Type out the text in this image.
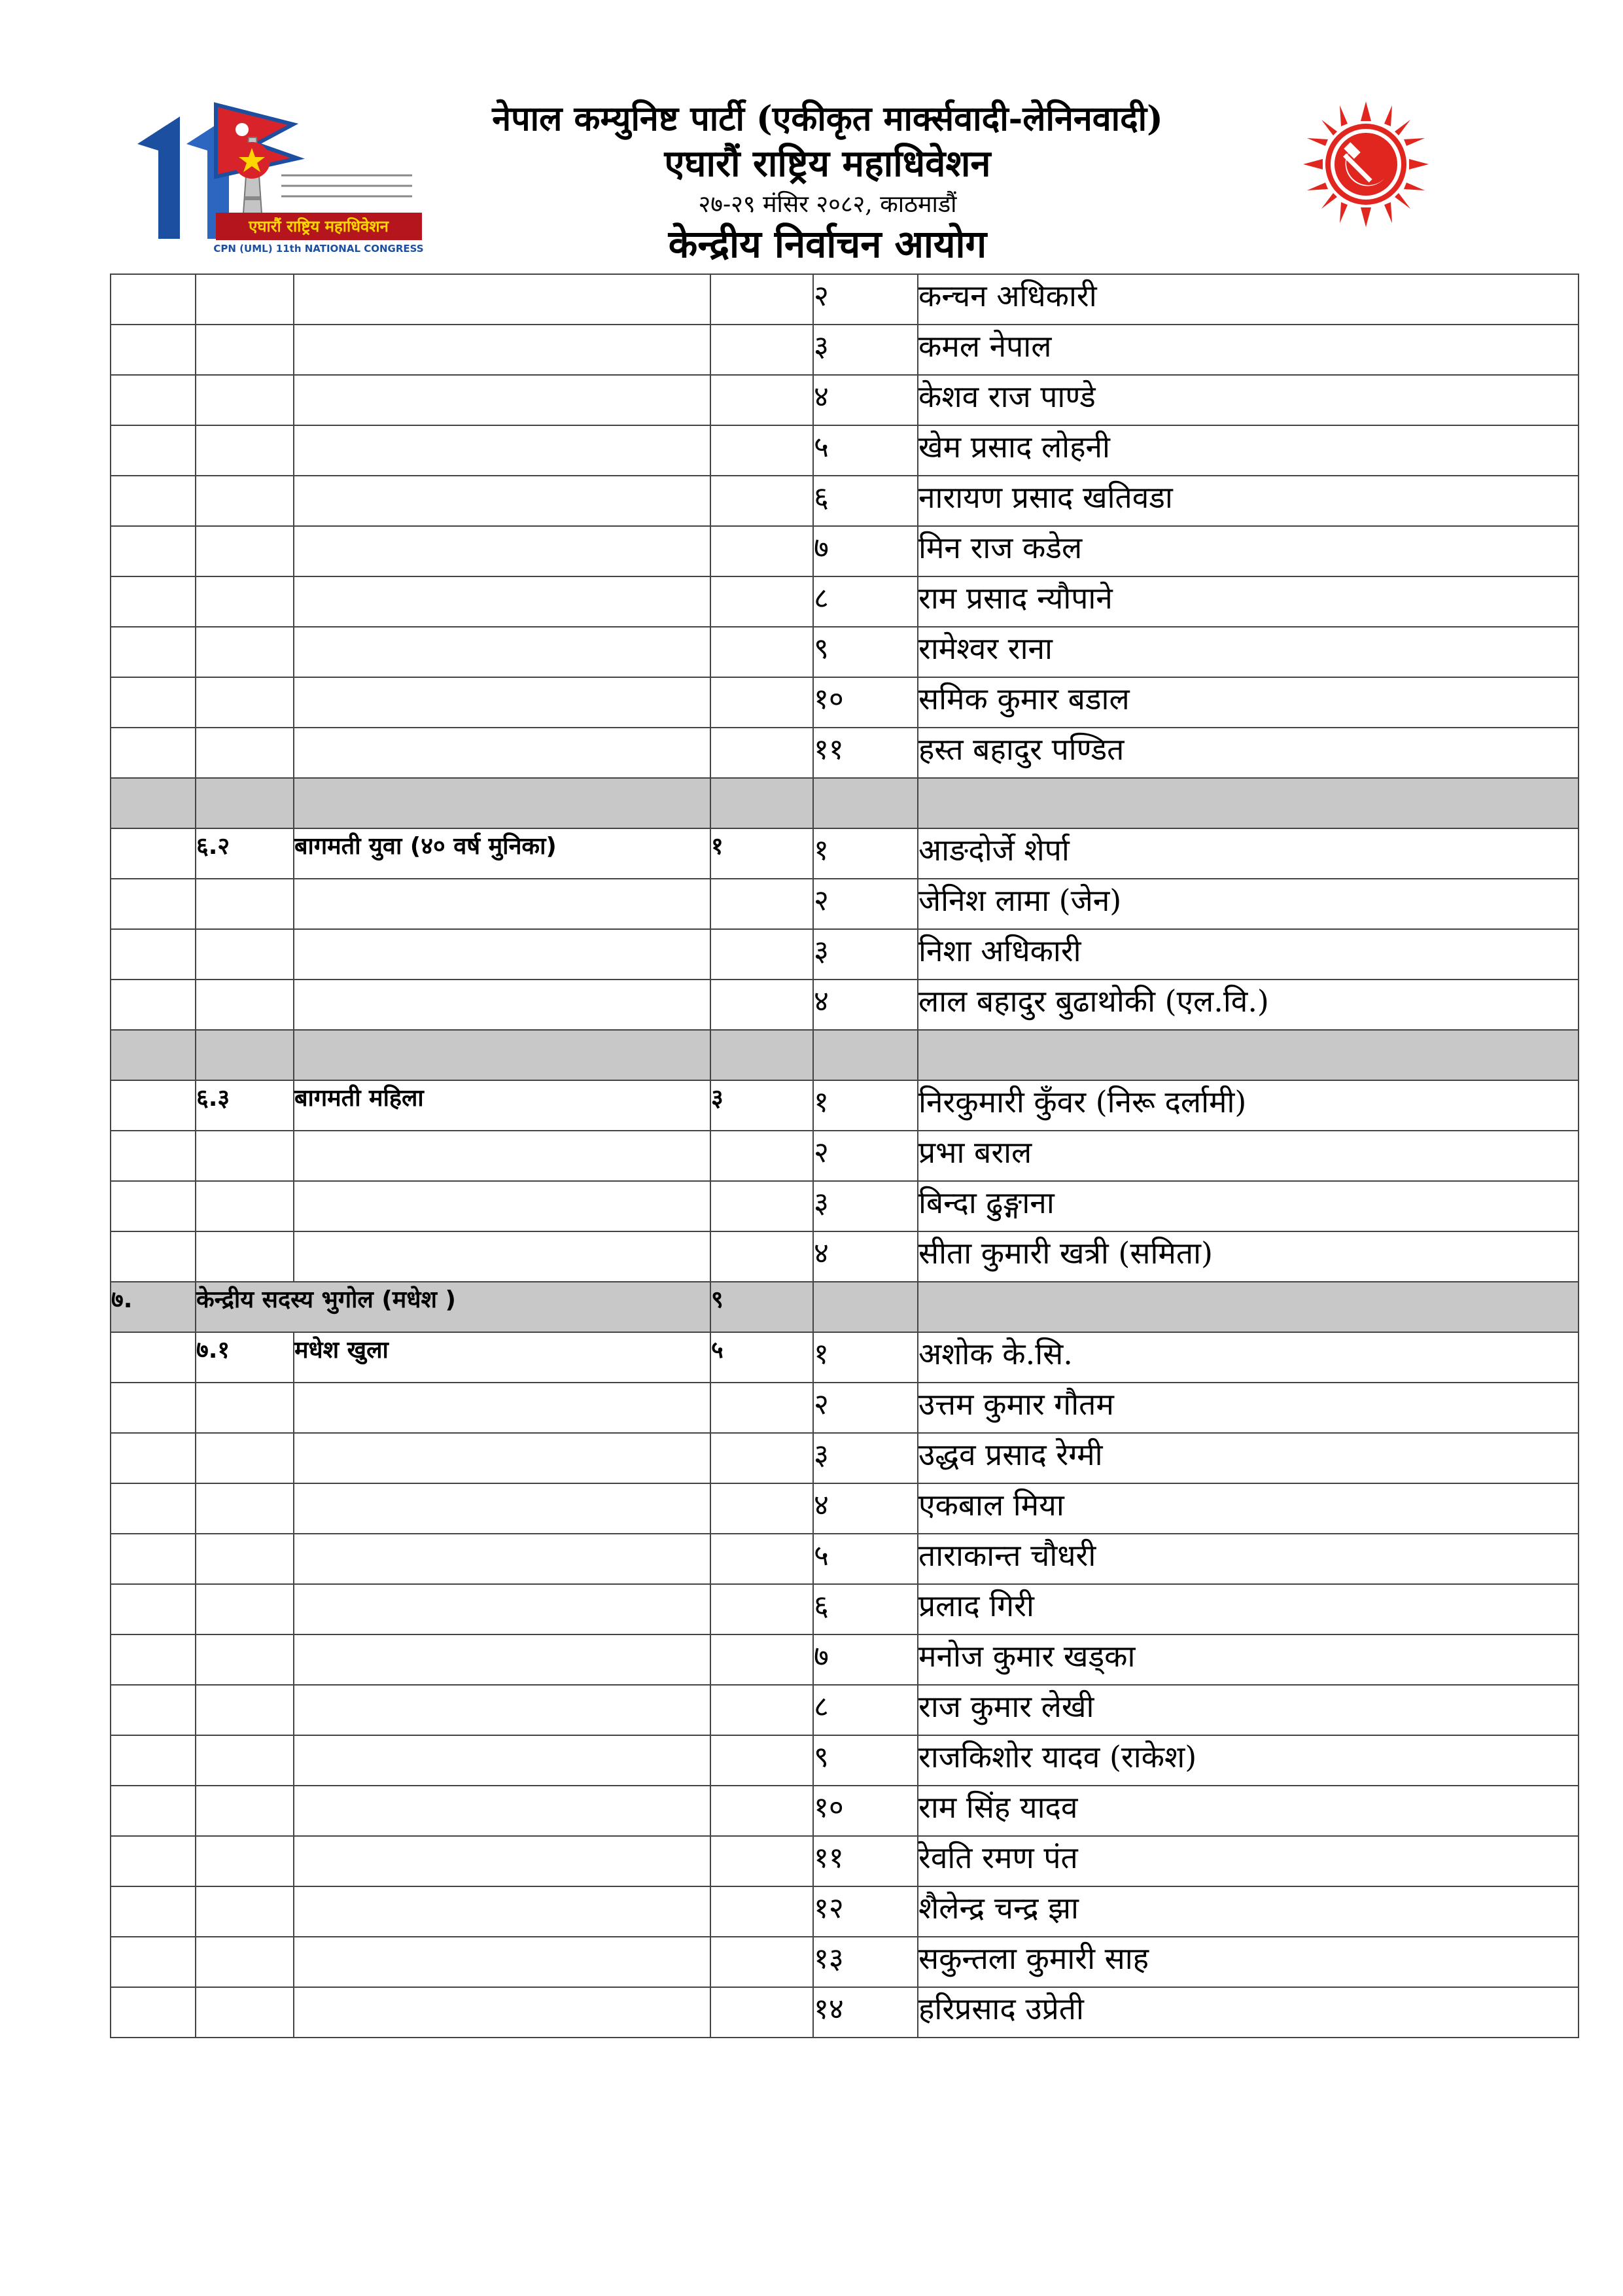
एघारौं राष्ट्रिय महाधिवेशन
CPN (UML) 11th NATIONAL CONGRESS

नेपाल कम्युनिष्ट पार्टी (एकीकृत मार्क्सवादी-लेनिनवादी)

एघारौं राष्ट्रिय महाधिवेशन

२७-२९ मंसिर २०८२, काठमाडौं

केन्द्रीय निर्वाचन आयोग

				२	कन्चन अधिकारी
				३	कमल नेपाल
				४	केशव राज पाण्डे
				५	खेम प्रसाद लोहनी
				६	नारायण प्रसाद खतिवडा
				७	मिन राज कडेल
				८	राम प्रसाद न्यौपाने
				९	रामेश्वर राना
				१०	समिक कुमार बडाल
				११	हस्त बहादुर पण्डित

	६.२	बागमती युवा (४० वर्ष मुनिका)	१	१	आङदोर्जे शेर्पा
				२	जेनिश लामा (जेन)
				३	निशा अधिकारी
				४	लाल बहादुर बुढाथोकी (एल.वि.)

	६.३	बागमती महिला	३	१	निरकुमारी कुँवर (निरू दर्लामी)
				२	प्रभा बराल
				३	बिन्दा ढुङ्गाना
				४	सीता कुमारी खत्री (समिता)
७.	केन्द्रीय सदस्य भुगोल (मधेश )		९		
	७.१	मधेश खुला	५	१	अशोक के.सि.
				२	उत्तम कुमार गौतम
				३	उद्धव प्रसाद रेग्मी
				४	एकबाल मिया
				५	ताराकान्त चौधरी
				६	प्रलाद गिरी
				७	मनोज कुमार खड्का
				८	राज कुमार लेखी
				९	राजकिशोर यादव (राकेश)
				१०	राम सिंह यादव
				११	रेवति रमण पंत
				१२	शैलेन्द्र चन्द्र झा
				१३	सकुन्तला कुमारी साह
				१४	हरिप्रसाद उप्रेती
